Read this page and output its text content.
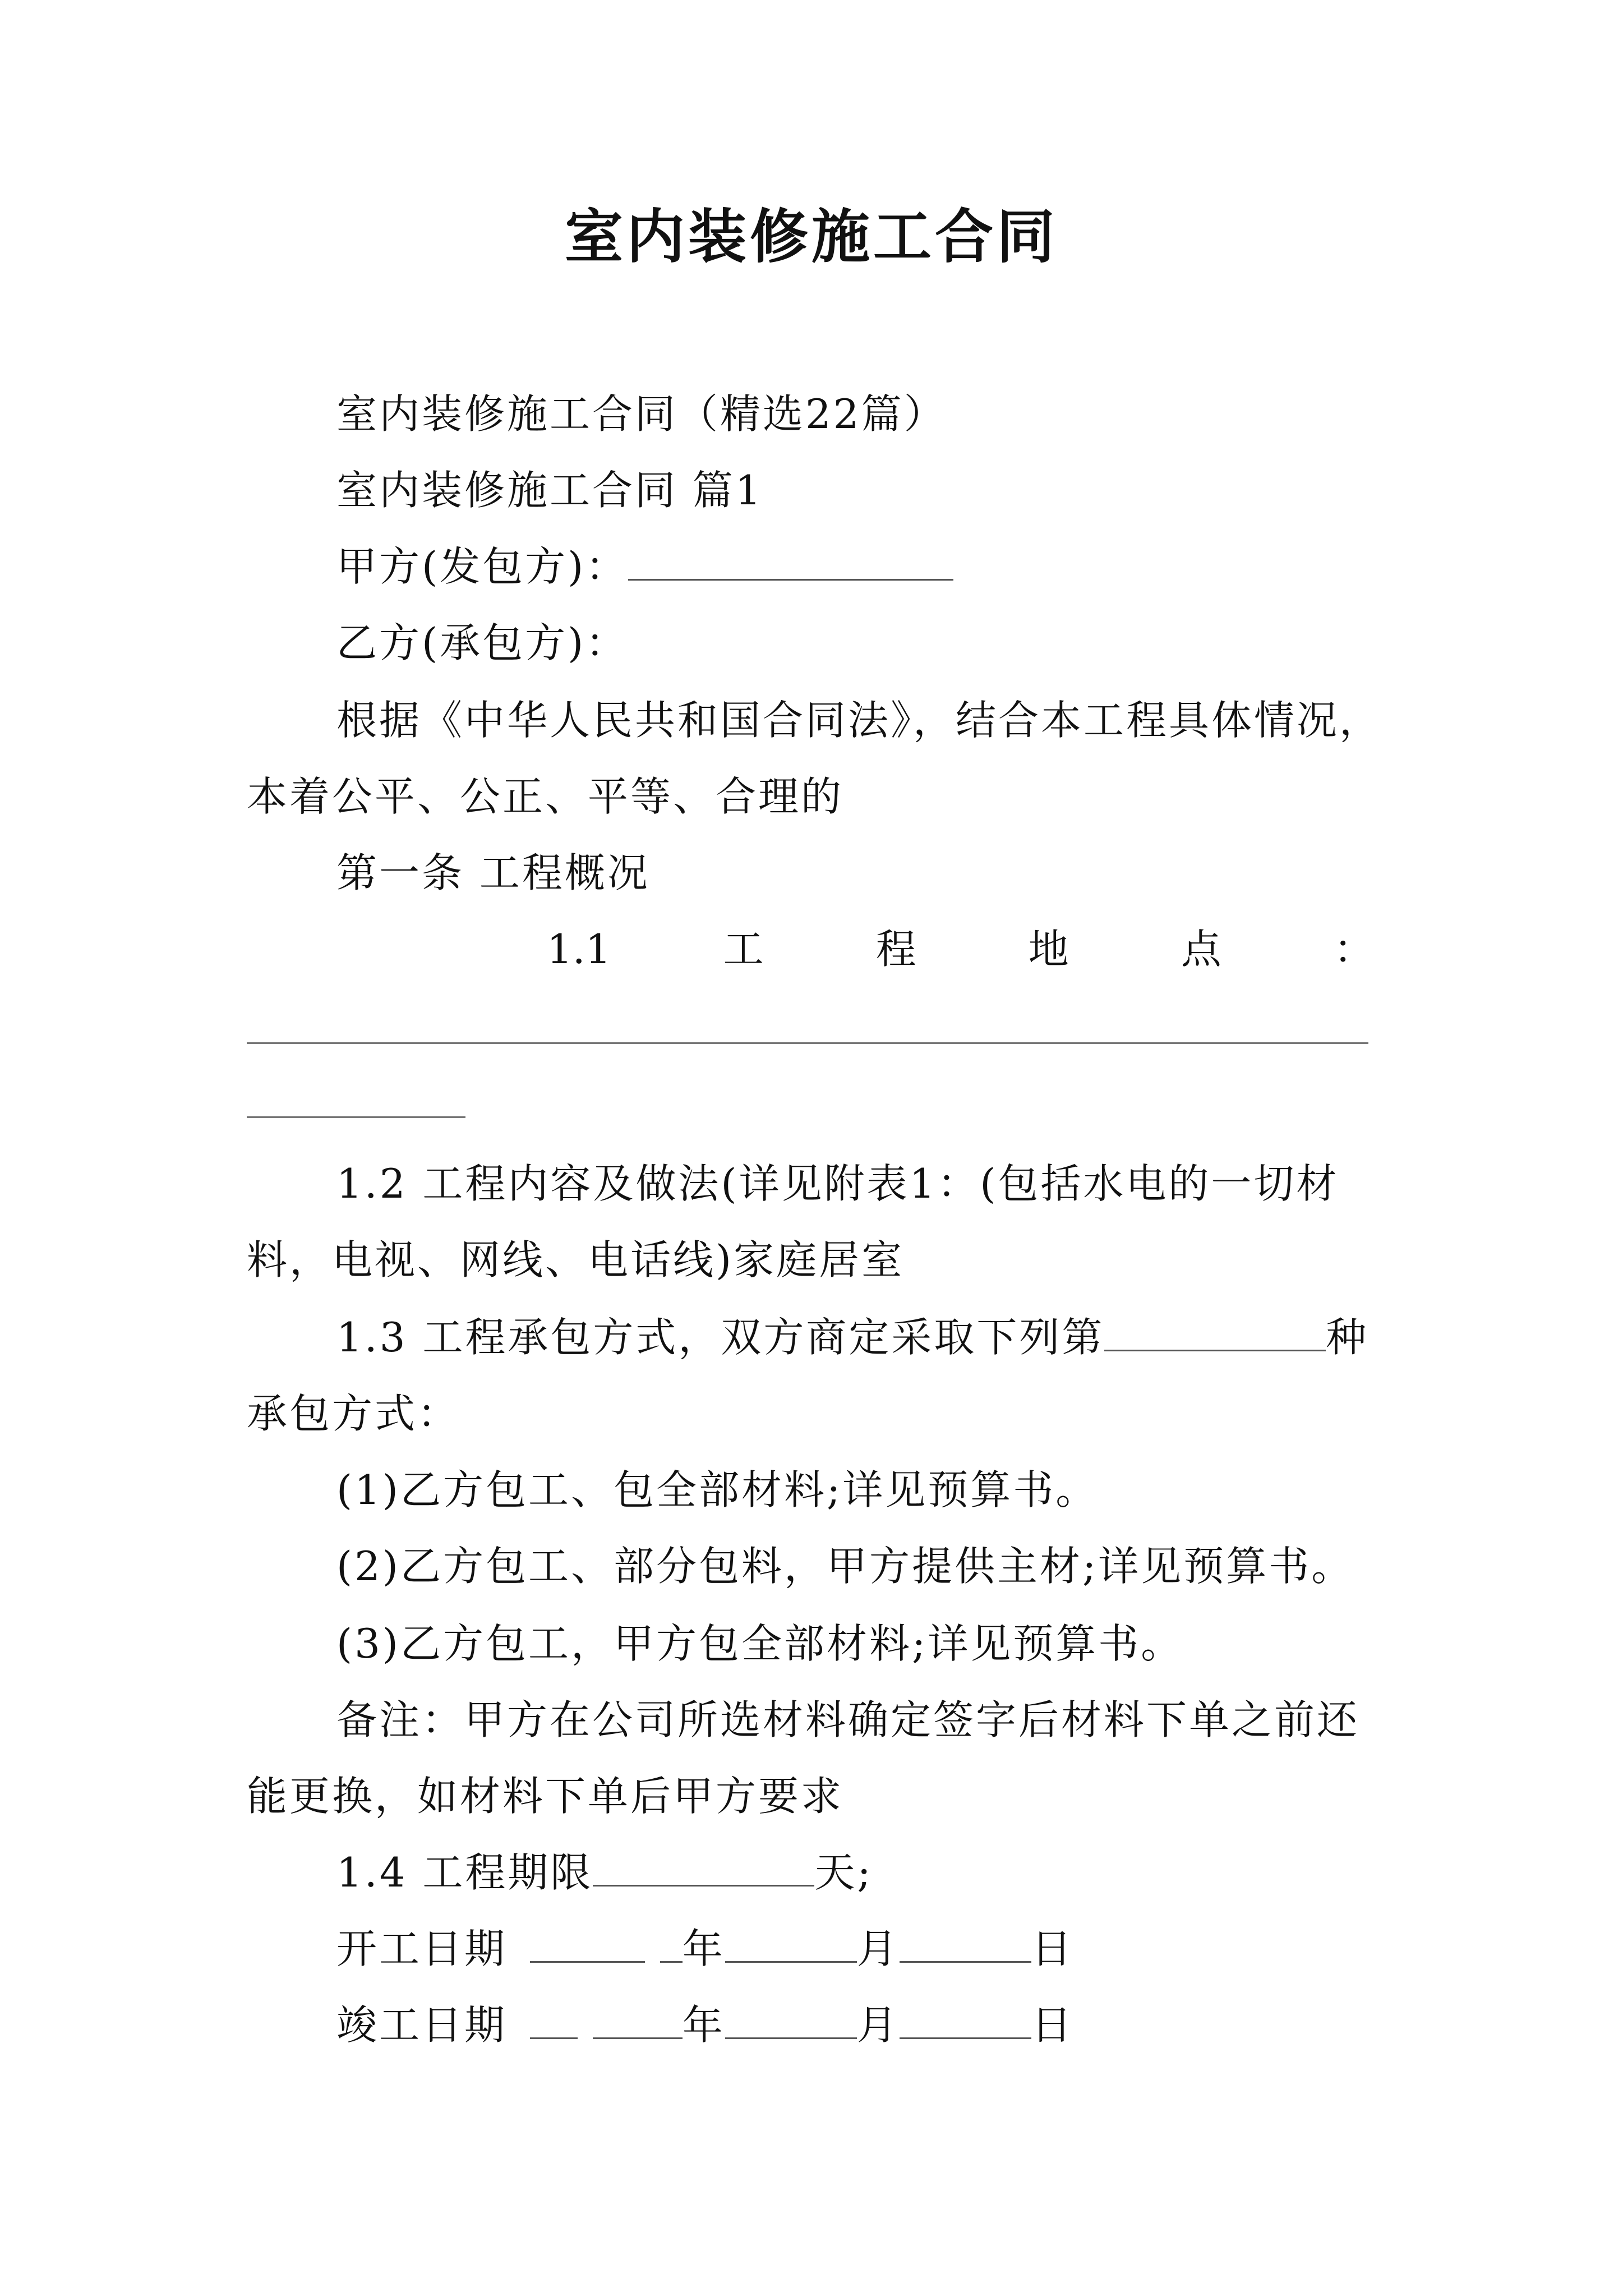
室内装修施工合同
室内装修施工合同（精选22篇）
室内装修施工合同 篇1
甲方(发包方)：
乙方(承包方)：
根据《中华人民共和国合同法》，结合本工程具体情况，
本着公平、公正、平等、合理的
第一条 工程概况
1.1	工	程	地	点	：
1.2 工程内容及做法(详见附表1：(包括水电的一切材
料，电视、网线、电话线)家庭居室
1.3 工程承包方式，双方商定采取下列第	种
承包方式：
(1)乙方包工、包全部材料;详见预算书。
(2)乙方包工、部分包料，甲方提供主材;详见预算书。
(3)乙方包工，甲方包全部材料;详见预算书。
备注：甲方在公司所选材料确定签字后材料下单之前还
能更换，如材料下单后甲方要求
1.4 工程期限	天;
开工日期	年	月	日
竣工日期	年	月	日
